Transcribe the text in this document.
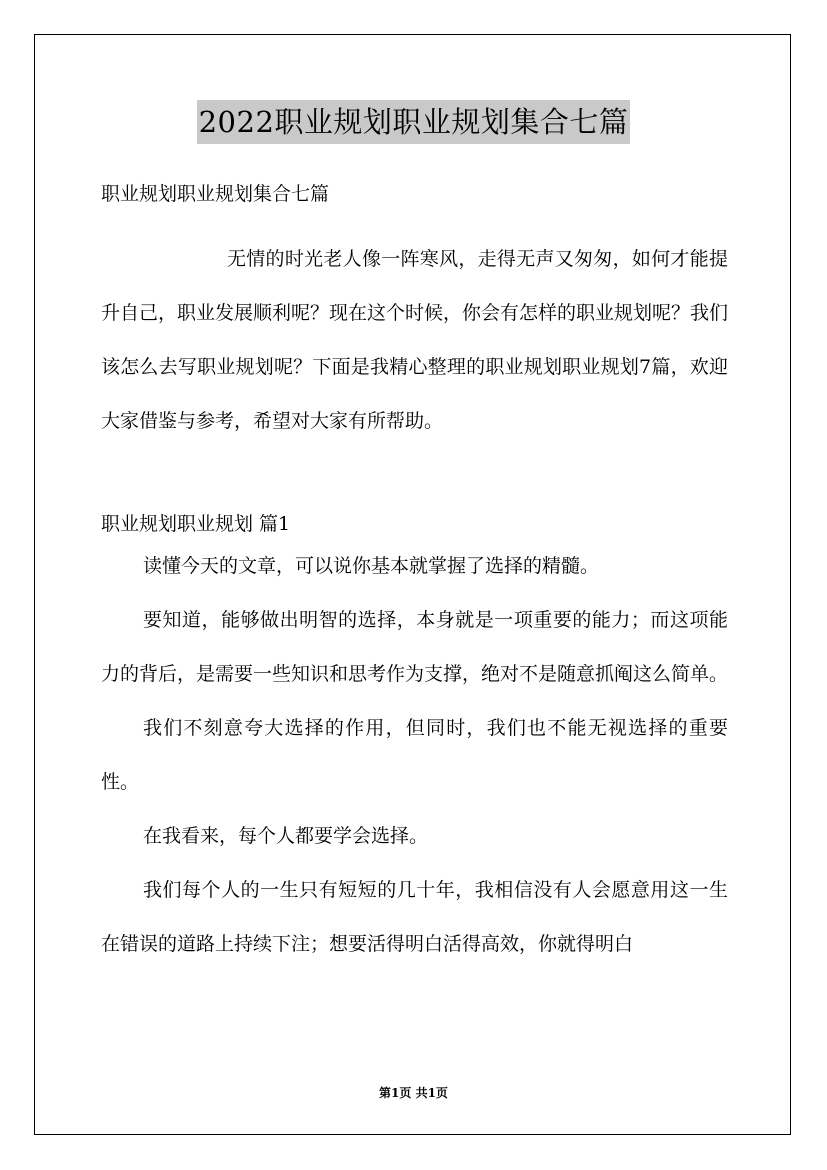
2022职业规划职业规划集合七篇

职业规划职业规划集合七篇

无情的时光老人像一阵寒风，走得无声又匆匆，如何才能提升自己，职业发展顺利呢？现在这个时候，你会有怎样的职业规划呢？我们该怎么去写职业规划呢？下面是我精心整理的职业规划职业规划7篇，欢迎大家借鉴与参考，希望对大家有所帮助。

职业规划职业规划 篇1

读懂今天的文章，可以说你基本就掌握了选择的精髓。

要知道，能够做出明智的选择，本身就是一项重要的能力；而这项能力的背后，是需要一些知识和思考作为支撑，绝对不是随意抓阄这么简单。

我们不刻意夸大选择的作用，但同时，我们也不能无视选择的重要性。

在我看来，每个人都要学会选择。

我们每个人的一生只有短短的几十年，我相信没有人会愿意用这一生在错误的道路上持续下注；想要活得明白活得高效，你就得明白

第1页 共1页
